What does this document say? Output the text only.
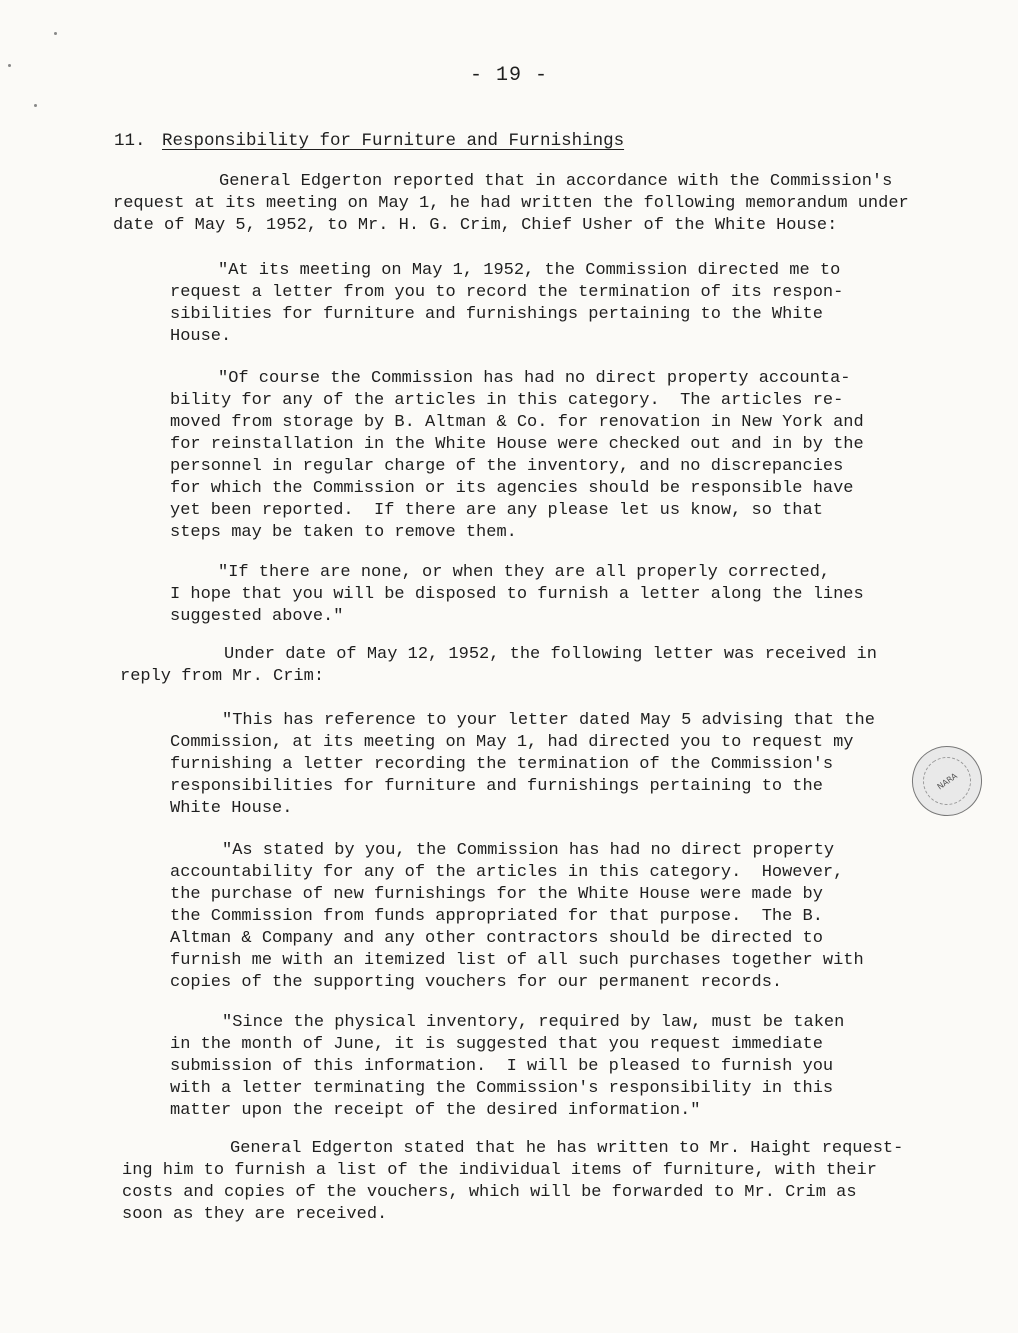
- 19 -
11. Responsibility for Furniture and Furnishings
General Edgerton reported that in accordance with the Commission's
request at its meeting on May 1, he had written the following memorandum under
date of May 5, 1952, to Mr. H. G. Crim, Chief Usher of the White House:
"At its meeting on May 1, 1952, the Commission directed me to
request a letter from you to record the termination of its respon-
sibilities for furniture and furnishings pertaining to the White
House.
"Of course the Commission has had no direct property accounta-
bility for any of the articles in this category.  The articles re-
moved from storage by B. Altman & Co. for renovation in New York and
for reinstallation in the White House were checked out and in by the
personnel in regular charge of the inventory, and no discrepancies
for which the Commission or its agencies should be responsible have
yet been reported.  If there are any please let us know, so that
steps may be taken to remove them.
"If there are none, or when they are all properly corrected,
I hope that you will be disposed to furnish a letter along the lines
suggested above."
Under date of May 12, 1952, the following letter was received in
reply from Mr. Crim:
"This has reference to your letter dated May 5 advising that the
Commission, at its meeting on May 1, had directed you to request my
furnishing a letter recording the termination of the Commission's
responsibilities for furniture and furnishings pertaining to the
White House.
"As stated by you, the Commission has had no direct property
accountability for any of the articles in this category.  However,
the purchase of new furnishings for the White House were made by
the Commission from funds appropriated for that purpose.  The B.
Altman & Company and any other contractors should be directed to
furnish me with an itemized list of all such purchases together with
copies of the supporting vouchers for our permanent records.
"Since the physical inventory, required by law, must be taken
in the month of June, it is suggested that you request immediate
submission of this information.  I will be pleased to furnish you
with a letter terminating the Commission's responsibility in this
matter upon the receipt of the desired information."
General Edgerton stated that he has written to Mr. Haight request-
ing him to furnish a list of the individual items of furniture, with their
costs and copies of the vouchers, which will be forwarded to Mr. Crim as
soon as they are received.
NARA
